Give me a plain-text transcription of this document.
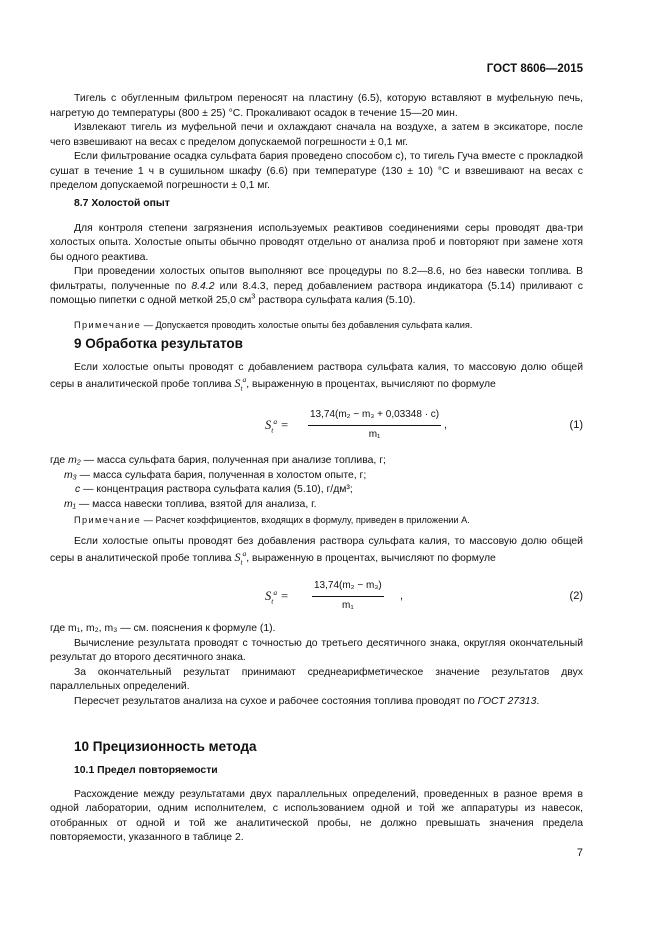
ГОСТ 8606—2015

Тигель с обугленным фильтром переносят на пластину (6.5), которую вставляют в муфельную печь, нагретую до температуры (800 ± 25) °С. Прокаливают осадок в течение 15—20 мин.

Извлекают тигель из муфельной печи и охлаждают сначала на воздухе, а затем в эксикаторе, после чего взвешивают на весах с пределом допускаемой погрешности ± 0,1 мг.

Если фильтрование осадка сульфата бария проведено способом с), то тигель Гуча вместе с прокладкой сушат в течение 1 ч в сушильном шкафу (6.6) при температуре (130 ± 10) °С и взвешивают на весах с пределом допускаемой погрешности ± 0,1 мг.

8.7 Холостой опыт

Для контроля степени загрязнения используемых реактивов соединениями серы проводят два-три холостых опыта. Холостые опыты обычно проводят отдельно от анализа проб и повторяют при замене хотя бы одного реактива.

При проведении холостых опытов выполняют все процедуры по 8.2—8.6, но без навески топлива. В фильтраты, полученные по 8.4.2 или 8.4.3, перед добавлением раствора индикатора (5.14) приливают с помощью пипетки с одной меткой 25,0 $см^3$ раствора сульфата калия (5.10).

Примечание — Допускается проводить холостые опыты без добавления сульфата калия.

9 Обработка результатов

Если холостые опыты проводят с добавлением раствора сульфата калия, то массовую долю общей серы в аналитической пробе топлива $S_t^a$, выраженную в процентах, вычисляют по формуле

$S_t^a = \frac{\text{13,74(m₂ − m₃ + 0,03348 · c)}}{\text{m₁}}$ ,	(1)
где m₂ — масса сульфата бария, полученная при анализе топлива, г;
m₃ — масса сульфата бария, полученная в холостом опыте, г;
c — концентрация раствора сульфата калия (5.10), г/дм³;
m₁ — масса навески топлива, взятой для анализа, г.

Примечание — Расчет коэффициентов, входящих в формулу, приведен в приложении А.

Если холостые опыты проводят без добавления раствора сульфата калия, то массовую долю общей серы в аналитической пробе топлива $S_t^a$, выраженную в процентах, вычисляют по формуле

$S_t^a = \frac{\text{13,74(m₂ − m₃)}}{\text{m₁}}$ ,	(2)

где m₁, m₂, m₃ — см. пояснения к формуле (1).

Вычисление результата проводят с точностью до третьего десятичного знака, округляя окончательный результат до второго десятичного знака.

За окончательный результат принимают среднеарифметическое значение результатов двух параллельных определений.

Пересчет результатов анализа на сухое и рабочее состояния топлива проводят по ГОСТ 27313.

10 Прецизионность метода

10.1 Предел повторяемости

Расхождение между результатами двух параллельных определений, проведенных в разное время в одной лаборатории, одним исполнителем, с использованием одной и той же аппаратуры из навесок, отобранных от одной и той же аналитической пробы, не должно превышать значения предела повторяемости, указанного в таблице 2.

7
